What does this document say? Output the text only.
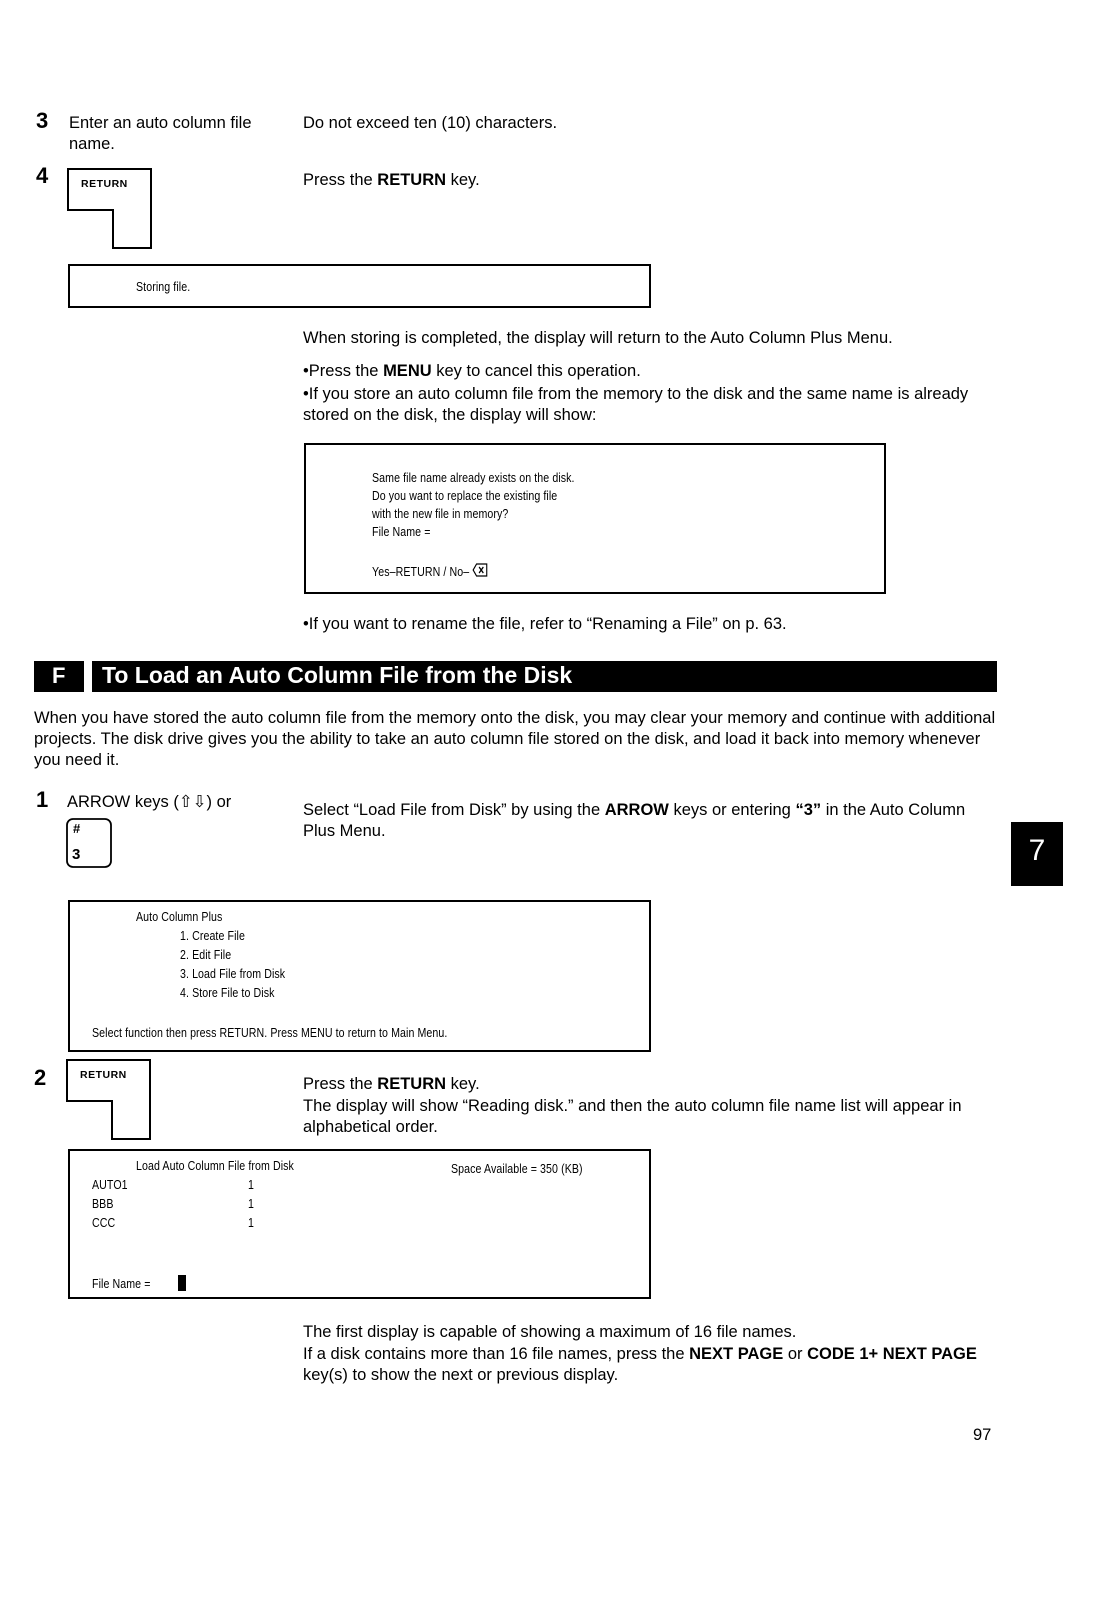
3 Enter an auto column file name.
Do not exceed ten (10) characters.
4	RETURN	Press the RETURN key.
Storing file.
When storing is completed, the display will return to the Auto Column Plus Menu.
•Press the MENU key to cancel this operation.
•If you store an auto column file from the memory to the disk and the same name is already stored on the disk, the display will show:
Same file name already exists on the disk.
Do you want to replace the existing file
with the new file in memory?
File Name =
Yes–RETURN / No–
•If you want to rename the file, refer to “Renaming a File” on p. 63.
F To Load an Auto Column File from the Disk
When you have stored the auto column file from the memory onto the disk, you may clear your memory and continue with additional projects. The disk drive gives you the ability to take an auto column file stored on the disk, and load it back into memory whenever you need it.
1 ARROW keys (⇧⇩) or
#
3
Select “Load File from Disk” by using the ARROW keys or entering “3” in the Auto Column Plus Menu.
7
Auto Column Plus
1. Create File
2. Edit File
3. Load File from Disk
4. Store File to Disk
Select function then press RETURN. Press MENU to return to Main Menu.
2	RETURN	Press the RETURN key.
The display will show “Reading disk.” and then the auto column file name list will appear in alphabetical order.
Load Auto Column File from Disk	Space Available = 350 (KB)
AUTO1	1
BBB	1
CCC	1
File Name =
The first display is capable of showing a maximum of 16 file names.
If a disk contains more than 16 file names, press the NEXT PAGE or CODE 1+ NEXT PAGE key(s) to show the next or previous display.
97
